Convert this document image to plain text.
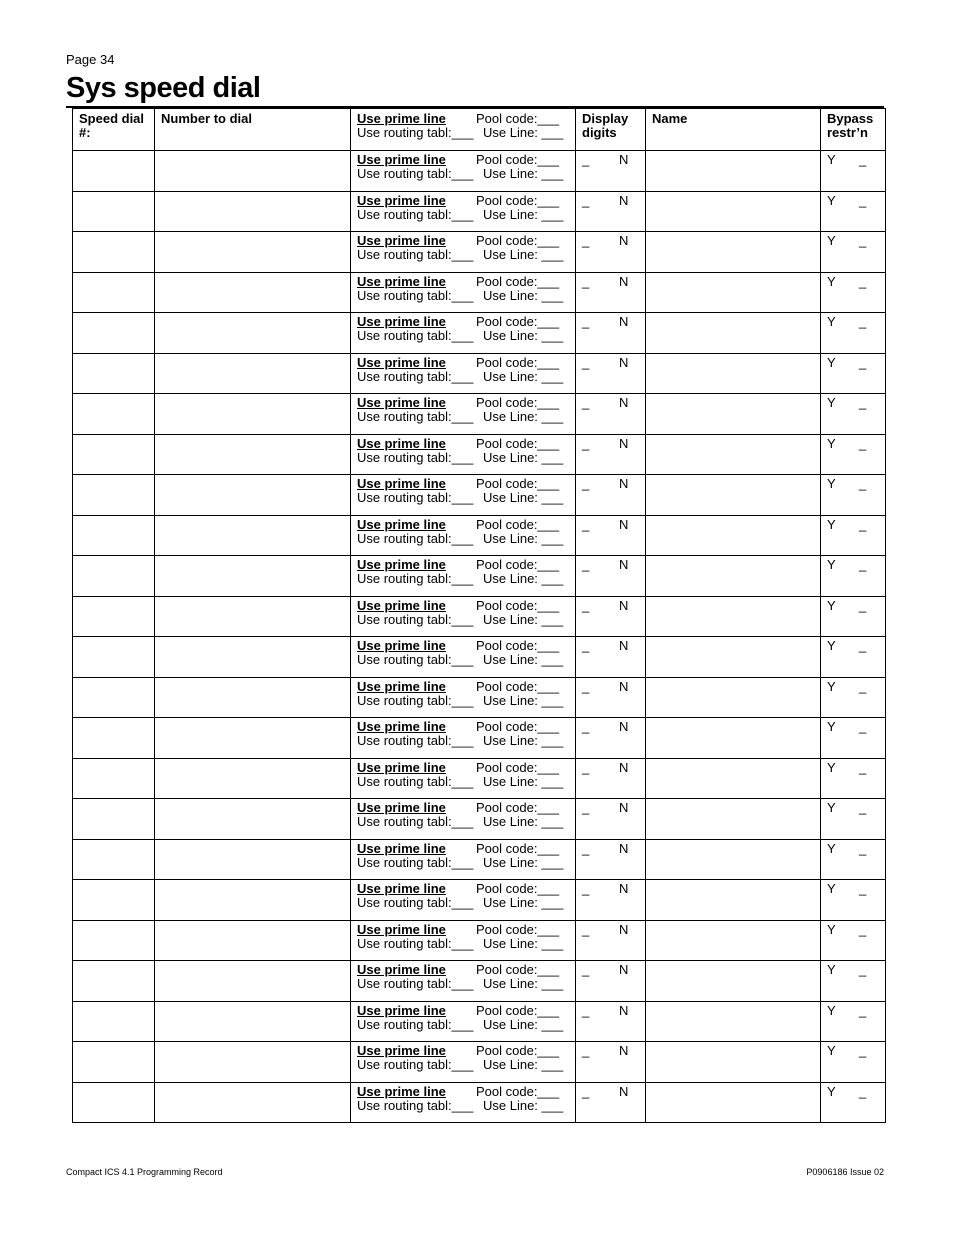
Page 34
Sys speed dial
Speed dial #:	Number to dial	Use prime line Pool code:___
Use routing tabl:___ Use Line: ___	Display digits	Name	Bypass restr’n

		Use prime line Pool code:___
Use routing tabl:___ Use Line: ___	_ N		Y _

		Use prime line Pool code:___
Use routing tabl:___ Use Line: ___	_ N		Y _

		Use prime line Pool code:___
Use routing tabl:___ Use Line: ___	_ N		Y _

		Use prime line Pool code:___
Use routing tabl:___ Use Line: ___	_ N		Y _

		Use prime line Pool code:___
Use routing tabl:___ Use Line: ___	_ N		Y _

		Use prime line Pool code:___
Use routing tabl:___ Use Line: ___	_ N		Y _

		Use prime line Pool code:___
Use routing tabl:___ Use Line: ___	_ N		Y _

		Use prime line Pool code:___
Use routing tabl:___ Use Line: ___	_ N		Y _

		Use prime line Pool code:___
Use routing tabl:___ Use Line: ___	_ N		Y _

		Use prime line Pool code:___
Use routing tabl:___ Use Line: ___	_ N		Y _

		Use prime line Pool code:___
Use routing tabl:___ Use Line: ___	_ N		Y _

		Use prime line Pool code:___
Use routing tabl:___ Use Line: ___	_ N		Y _

		Use prime line Pool code:___
Use routing tabl:___ Use Line: ___	_ N		Y _

		Use prime line Pool code:___
Use routing tabl:___ Use Line: ___	_ N		Y _

		Use prime line Pool code:___
Use routing tabl:___ Use Line: ___	_ N		Y _

		Use prime line Pool code:___
Use routing tabl:___ Use Line: ___	_ N		Y _

		Use prime line Pool code:___
Use routing tabl:___ Use Line: ___	_ N		Y _

		Use prime line Pool code:___
Use routing tabl:___ Use Line: ___	_ N		Y _

		Use prime line Pool code:___
Use routing tabl:___ Use Line: ___	_ N		Y _

		Use prime line Pool code:___
Use routing tabl:___ Use Line: ___	_ N		Y _

		Use prime line Pool code:___
Use routing tabl:___ Use Line: ___	_ N		Y _

		Use prime line Pool code:___
Use routing tabl:___ Use Line: ___	_ N		Y _

		Use prime line Pool code:___
Use routing tabl:___ Use Line: ___	_ N		Y _

		Use prime line Pool code:___
Use routing tabl:___ Use Line: ___	_ N		Y _
Compact ICS 4.1 Programming Record	P0906186 Issue 02
